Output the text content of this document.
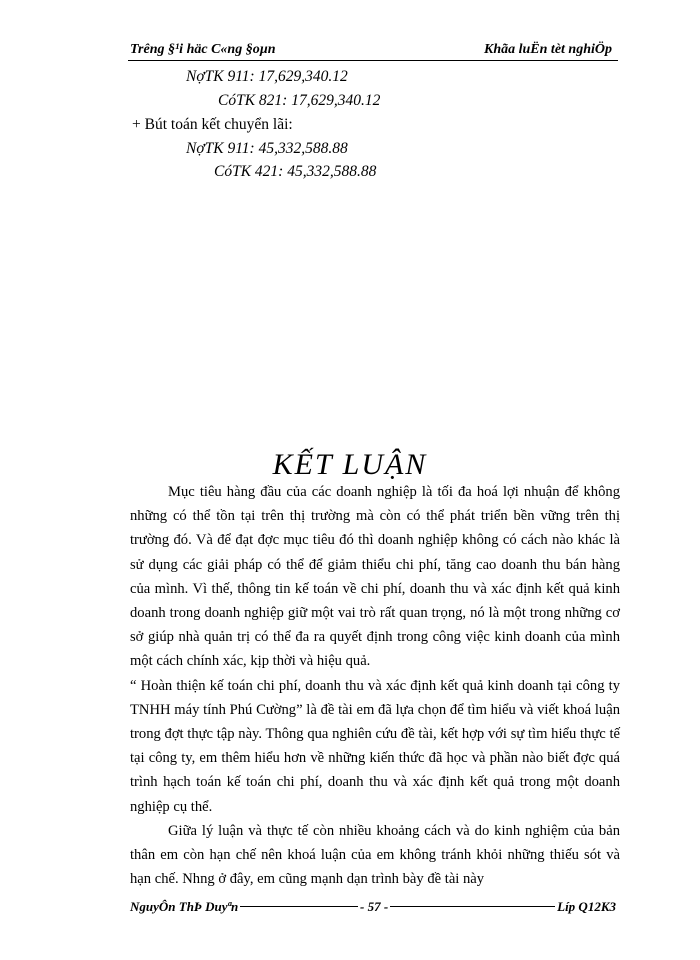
Trêng §¹i häc C«ng §oµn	Khãa luËn tèt nghiÖp
NợTK 911: 17,629,340.12
CóTK 821: 17,629,340.12
+ Bút toán kết chuyển lãi:
NợTK 911: 45,332,588.88
CóTK 421: 45,332,588.88
KẾT LUẬN

Mục tiêu hàng đầu của các doanh nghiệp là tối đa hoá lợi nhuận để không những có thể tồn tại trên thị trường mà còn có thể phát triển bền vững trên thị trường đó. Và để đạt đợc mục tiêu đó thì doanh nghiệp không có cách nào khác là sử dụng các giải pháp có thể để giảm thiểu chi phí, tăng cao doanh thu bán hàng của mình. Vì thế, thông tin kế toán về chi phí, doanh thu và xác định kết quả kinh doanh trong doanh nghiệp giữ một vai trò rất quan trọng, nó là một trong những cơ sở giúp nhà quản trị có thể đa ra quyết định trong công việc kinh doanh của mình một cách chính xác, kịp thời và hiệu quả.

“ Hoàn thiện kế toán chi phí, doanh thu và xác định kết quả kinh doanh tại công ty TNHH máy tính Phú Cường” là đề tài em đã lựa chọn để tìm hiểu và viết khoá luận trong đợt thực tập này. Thông qua nghiên cứu đề tài, kết hợp với sự tìm hiểu thực tế tại công ty, em thêm hiểu hơn về những kiến thức đã học và phần nào biết đợc quá trình hạch toán kế toán chi phí, doanh thu và xác định kết quả trong một doanh nghiệp cụ thể.

Giữa lý luận và thực tế còn nhiều khoảng cách và do kinh nghiệm của bản thân em còn hạn chế nên khoá luận của em không tránh khỏi những thiếu sót và hạn chế. Nhng ở đây, em cũng mạnh dạn trình bày đề tài này

NguyÔn ThÞ Duyªn	- 57 -	Líp Q12K3
